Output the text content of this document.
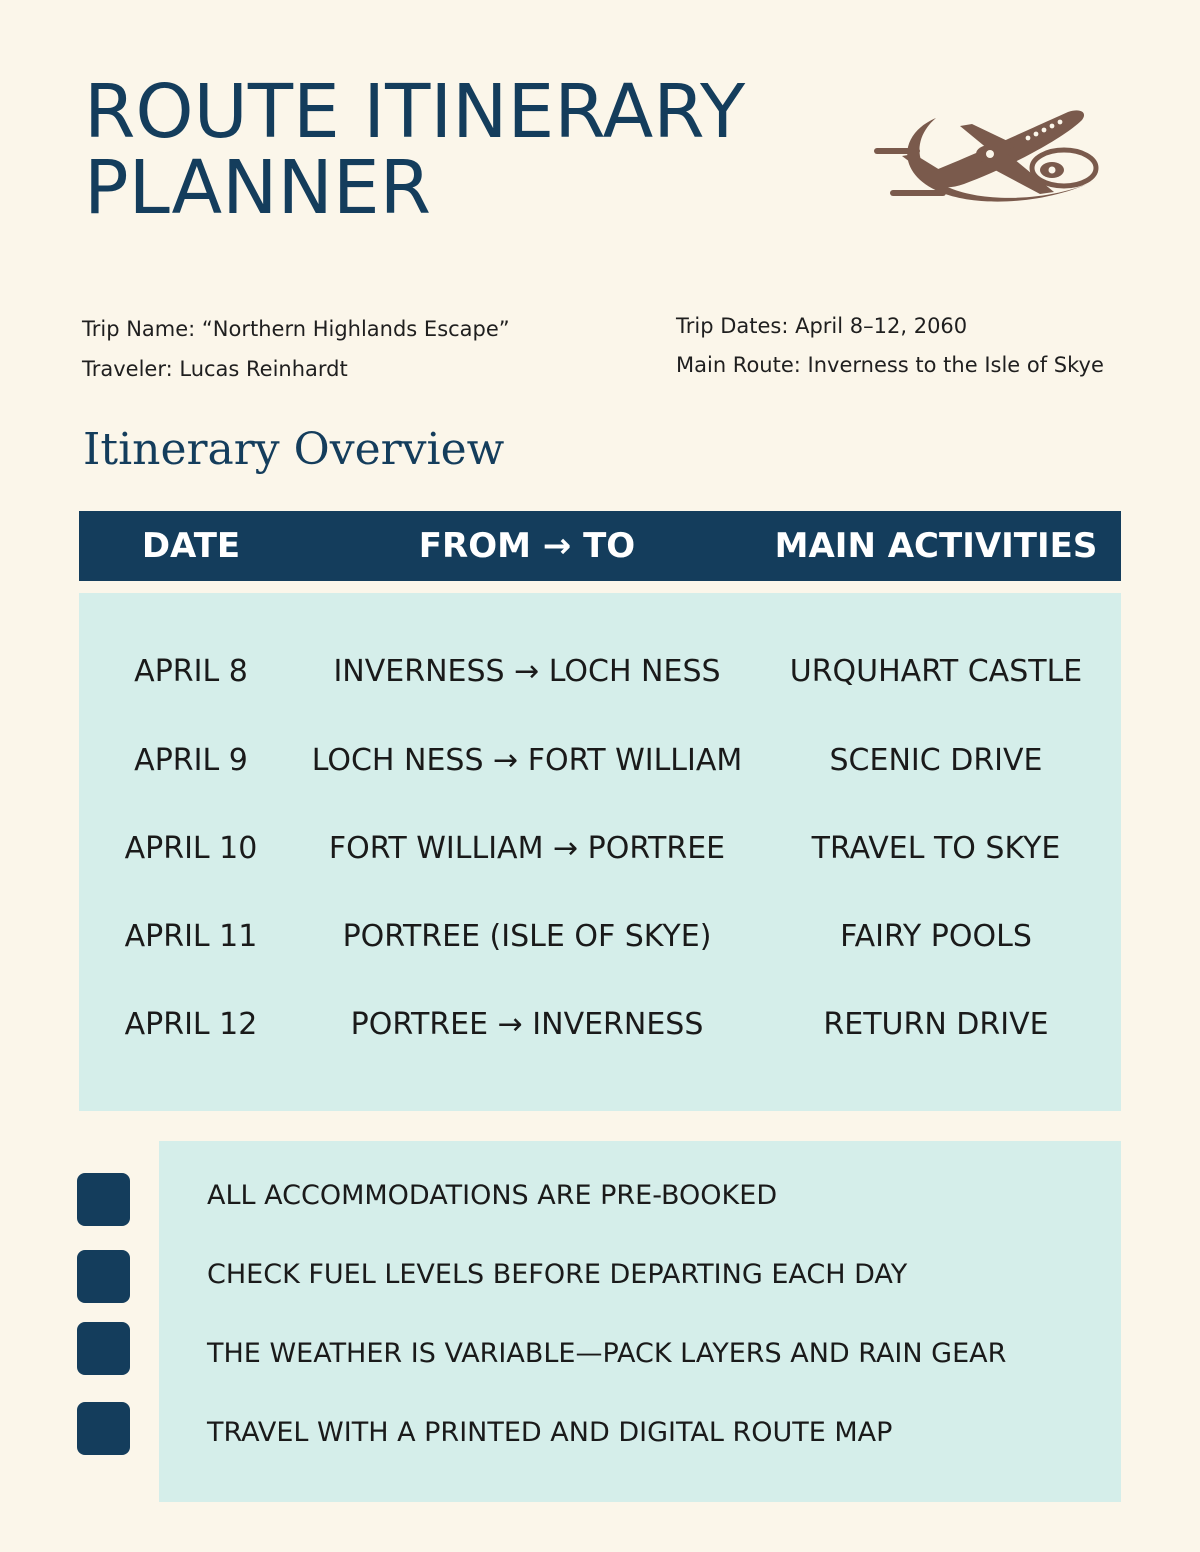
ROUTE ITINERARY
PLANNER
Trip Name: “Northern Highlands Escape”
Traveler: Lucas Reinhardt
Trip Dates: April 8–12, 2060
Main Route: Inverness to the Isle of Skye
Itinerary Overview
DATE	FROM → TO	MAIN ACTIVITIES
APRIL 8	INVERNESS → LOCH NESS	URQUHART CASTLE
APRIL 9	LOCH NESS → FORT WILLIAM	SCENIC DRIVE
APRIL 10	FORT WILLIAM → PORTREE	TRAVEL TO SKYE
APRIL 11	PORTREE (ISLE OF SKYE)	FAIRY POOLS
APRIL 12	PORTREE → INVERNESS	RETURN DRIVE
ALL ACCOMMODATIONS ARE PRE-BOOKED
CHECK FUEL LEVELS BEFORE DEPARTING EACH DAY
THE WEATHER IS VARIABLE—PACK LAYERS AND RAIN GEAR
TRAVEL WITH A PRINTED AND DIGITAL ROUTE MAP
